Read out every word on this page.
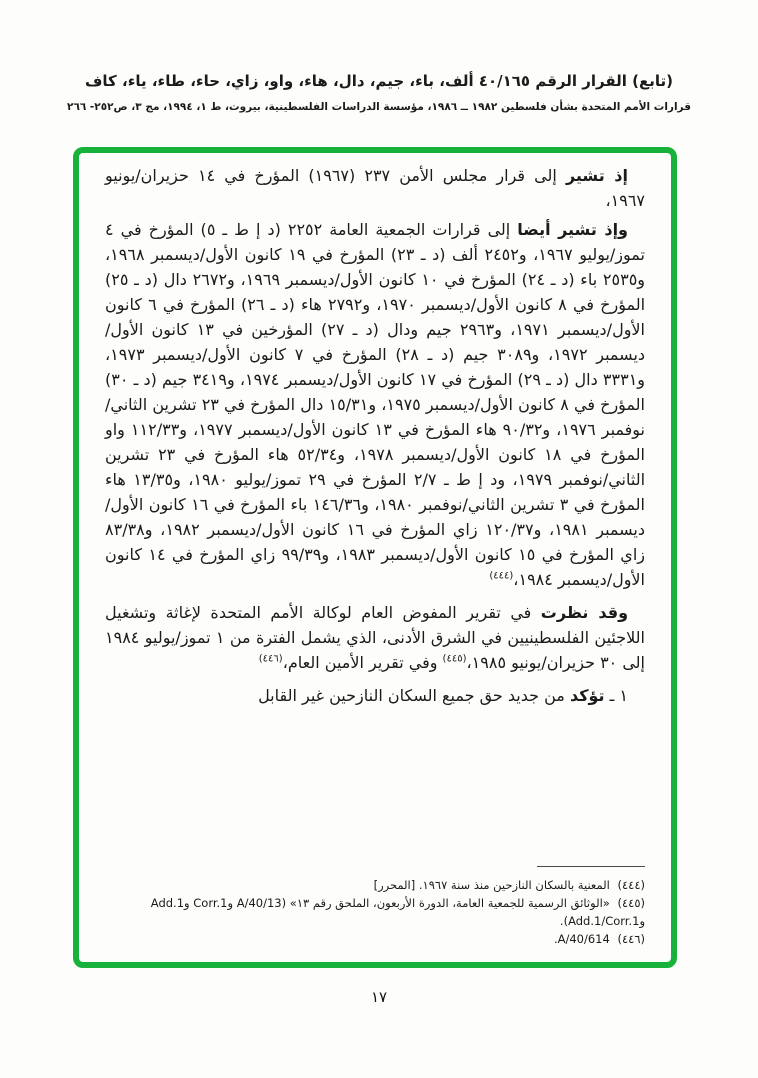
(تابع) القرار الرقم ٤٠/١٦٥ ألف، باء، جيم، دال، هاء، واو، زاي، حاء، طاء، ياء، كاف
قرارات الأمم المتحدة بشأن فلسطين ١٩٨٢ ــ ١٩٨٦، مؤسسة الدراسات الفلسطينية، بيروت، ط ١، ١٩٩٤، مج ٣، ص٢٥٢- ٢٦٦

إذ تشير إلى قرار مجلس الأمن ٢٣٧ (١٩٦٧) المؤرخ في ١٤ حزيران/يونيو ١٩٦٧،

وإذ تشير أيضا إلى قرارات الجمعية العامة ٢٢٥٢ (د إ ط ـ ٥) المؤرخ في ٤ تموز/يوليو ١٩٦٧، و٢٤٥٢ ألف (د ـ ٢٣) المؤرخ في ١٩ كانون الأول/ديسمبر ١٩٦٨، و٢٥٣٥ باء (د ـ ٢٤) المؤرخ في ١٠ كانون الأول/ديسمبر ١٩٦٩، و٢٦٧٢ دال (د ـ ٢٥) المؤرخ في ٨ كانون الأول/ديسمبر ١٩٧٠، و٢٧٩٢ هاء (د ـ ٢٦) المؤرخ في ٦ كانون الأول/ديسمبر ١٩٧١، و٢٩٦٣ جيم ودال (د ـ ٢٧) المؤرخين في ١٣ كانون الأول/ديسمبر ١٩٧٢، و٣٠٨٩ جيم (د ـ ٢٨) المؤرخ في ٧ كانون الأول/ديسمبر ١٩٧٣، و٣٣٣١ دال (د ـ ٢٩) المؤرخ في ١٧ كانون الأول/ديسمبر ١٩٧٤، و٣٤١٩ جيم (د ـ ٣٠) المؤرخ في ٨ كانون الأول/ديسمبر ١٩٧٥، و١٥/٣١ دال المؤرخ في ٢٣ تشرين الثاني/نوفمبر ١٩٧٦، و٩٠/٣٢ هاء المؤرخ في ١٣ كانون الأول/ديسمبر ١٩٧٧، و١١٢/٣٣ واو المؤرخ في ١٨ كانون الأول/ديسمبر ١٩٧٨، و٥٢/٣٤ هاء المؤرخ في ٢٣ تشرين الثاني/نوفمبر ١٩٧٩، ود إ ط ـ ٢/٧ المؤرخ في ٢٩ تموز/يوليو ١٩٨٠، و١٣/٣٥ هاء المؤرخ في ٣ تشرين الثاني/نوفمبر ١٩٨٠، و١٤٦/٣٦ باء المؤرخ في ١٦ كانون الأول/ديسمبر ١٩٨١، و١٢٠/٣٧ زاي المؤرخ في ١٦ كانون الأول/ديسمبر ١٩٨٢، و٨٣/٣٨ زاي المؤرخ في ١٥ كانون الأول/ديسمبر ١٩٨٣، و٩٩/٣٩ زاي المؤرخ في ١٤ كانون الأول/ديسمبر ١٩٨٤،$^{(٤٤٤)}$

وقد نظرت في تقرير المفوض العام لوكالة الأمم المتحدة لإغاثة وتشغيل اللاجئين الفلسطينيين في الشرق الأدنى، الذي يشمل الفترة من ١ تموز/يوليو ١٩٨٤ إلى ٣٠ حزيران/يونيو ١٩٨٥،$^{(٤٤٥)}$ وفي تقرير الأمين العام،$^{(٤٤٦)}$

١ ـ تؤكد من جديد حق جميع السكان النازحين غير القابل

(٤٤٤) المعنية بالسكان النازحين منذ سنة ١٩٦٧. [المحرر]
(٤٤٥) «الوثائق الرسمية للجمعية العامة، الدورة الأربعون، الملحق رقم ١٣» (A/40/13 وCorr.1 وAdd.1 وAdd.1/Corr.1).
(٤٤٦) A/40/614.
١٧
